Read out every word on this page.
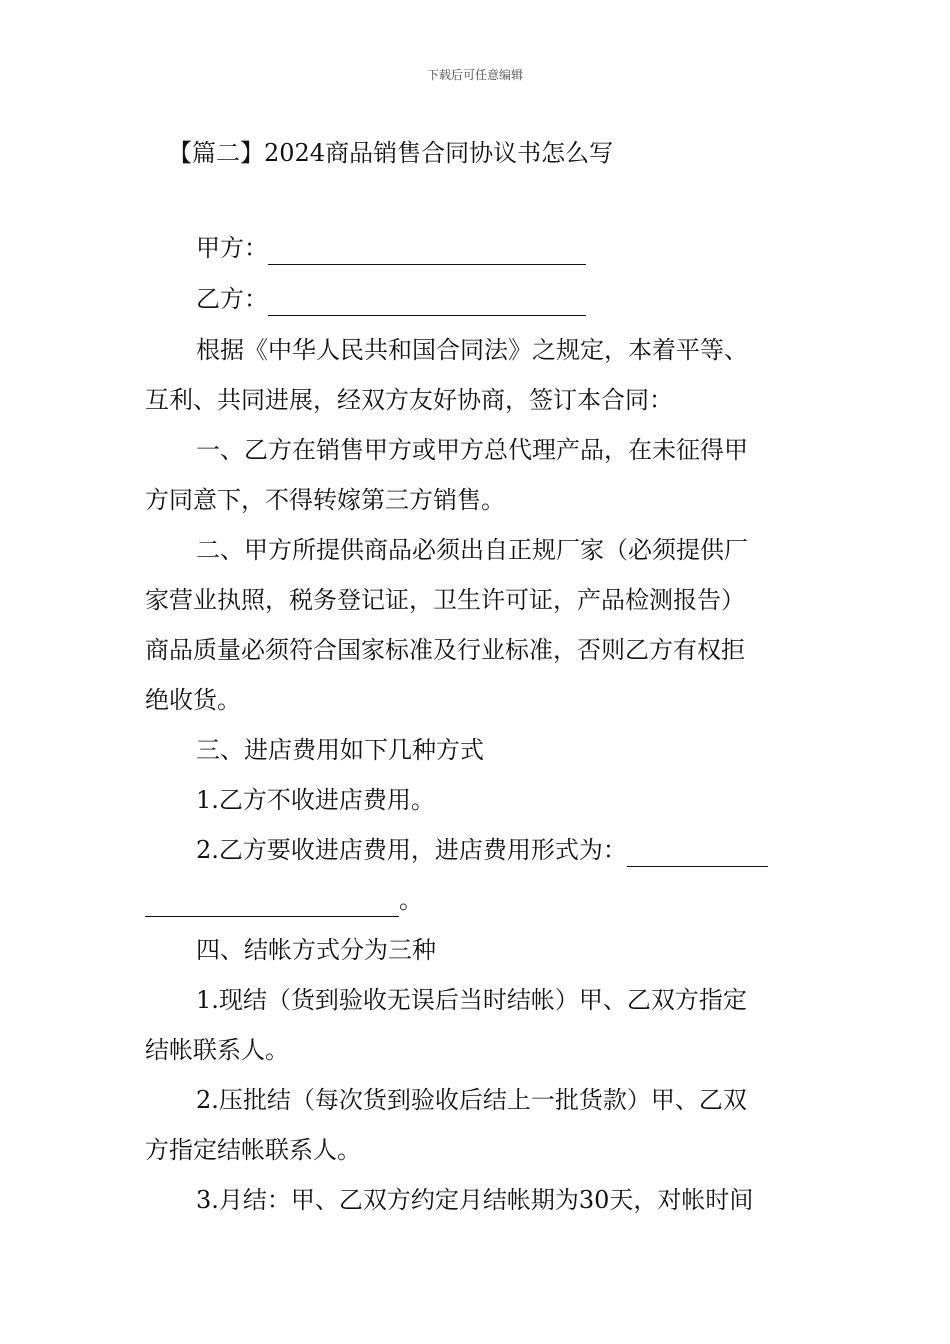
下载后可任意编辑
【篇二】2024商品销售合同协议书怎么写
甲方：
乙方：
根据《中华人民共和国合同法》之规定，本着平等、
互利、共同进展，经双方友好协商，签订本合同：
一、乙方在销售甲方或甲方总代理产品，在未征得甲
方同意下，不得转嫁第三方销售。
二、甲方所提供商品必须出自正规厂家（必须提供厂
家营业执照，税务登记证，卫生许可证，产品检测报告）
商品质量必须符合国家标准及行业标准，否则乙方有权拒
绝收货。
三、进店费用如下几种方式
1.乙方不收进店费用。
2.乙方要收进店费用，进店费用形式为：
。
四、结帐方式分为三种
1.现结（货到验收无误后当时结帐）甲、乙双方指定
结帐联系人。
2.压批结（每次货到验收后结上一批货款）甲、乙双
方指定结帐联系人。
3.月结：甲、乙双方约定月结帐期为30天，对帐时间
